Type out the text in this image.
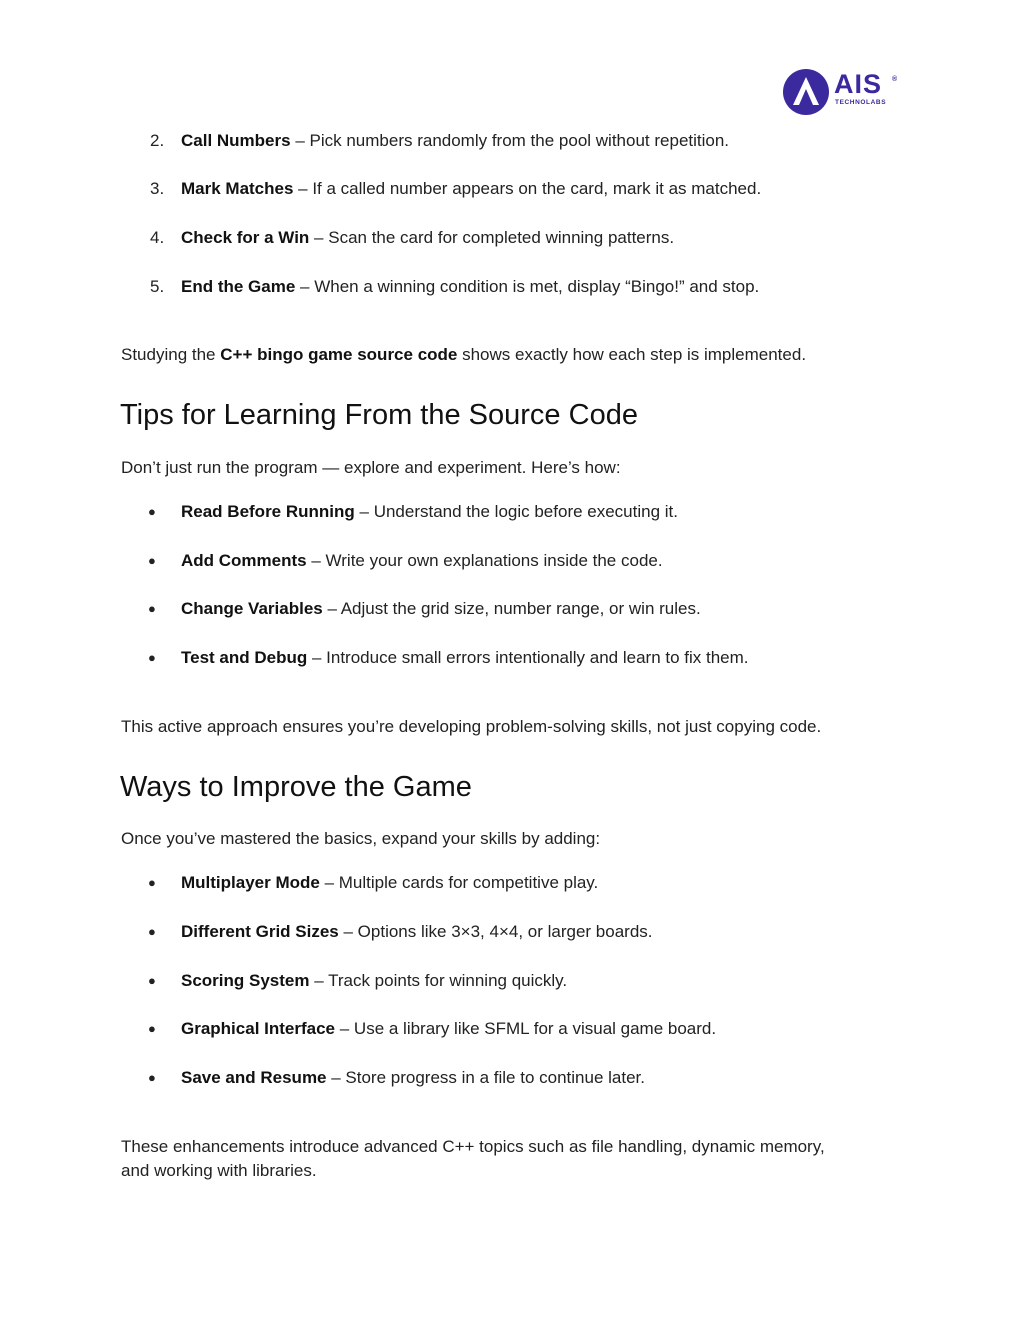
AIS ®
TECHNOLABS
2. Call Numbers – Pick numbers randomly from the pool without repetition.
3. Mark Matches – If a called number appears on the card, mark it as matched.
4. Check for a Win – Scan the card for completed winning patterns.
5. End the Game – When a winning condition is met, display “Bingo!” and stop.

Studying the C++ bingo game source code shows exactly how each step is implemented.

Tips for Learning From the Source Code

Don’t just run the program — explore and experiment. Here’s how:

● Read Before Running – Understand the logic before executing it.
● Add Comments – Write your own explanations inside the code.
● Change Variables – Adjust the grid size, number range, or win rules.
● Test and Debug – Introduce small errors intentionally and learn to fix them.

This active approach ensures you’re developing problem-solving skills, not just copying code.

Ways to Improve the Game

Once you’ve mastered the basics, expand your skills by adding:

● Multiplayer Mode – Multiple cards for competitive play.
● Different Grid Sizes – Options like 3×3, 4×4, or larger boards.
● Scoring System – Track points for winning quickly.
● Graphical Interface – Use a library like SFML for a visual game board.
● Save and Resume – Store progress in a file to continue later.

These enhancements introduce advanced C++ topics such as file handling, dynamic memory,
and working with libraries.
